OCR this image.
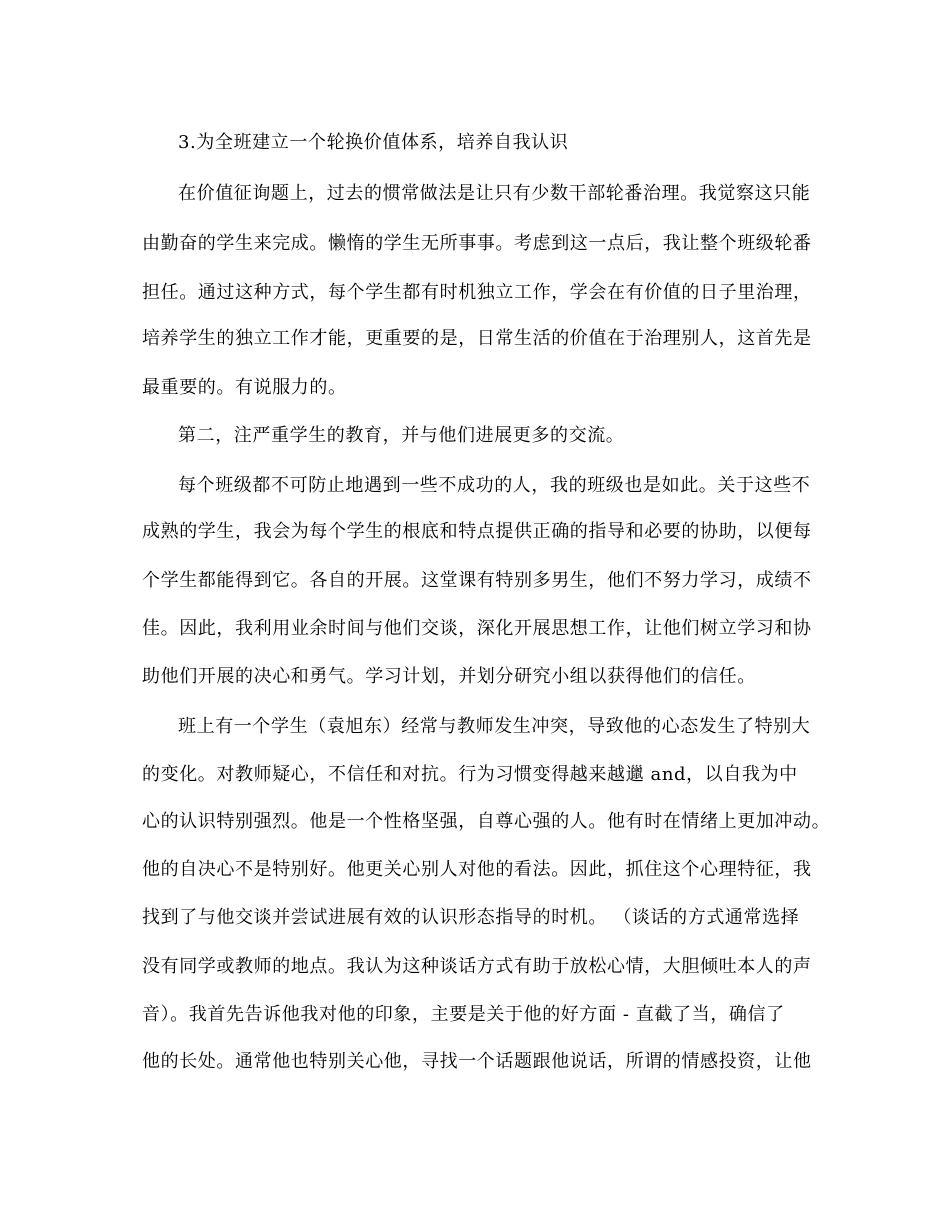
3.为全班建立一个轮换价值体系，培养自我认识
在价值征询题上，过去的惯常做法是让只有少数干部轮番治理。我觉察这只能
由勤奋的学生来完成。懒惰的学生无所事事。考虑到这一点后，我让整个班级轮番
担任。通过这种方式，每个学生都有时机独立工作，学会在有价值的日子里治理，
培养学生的独立工作才能，更重要的是，日常生活的价值在于治理别人，这首先是
最重要的。有说服力的。
第二，注严重学生的教育，并与他们进展更多的交流。
每个班级都不可防止地遇到一些不成功的人，我的班级也是如此。关于这些不
成熟的学生，我会为每个学生的根底和特点提供正确的指导和必要的协助，以便每
个学生都能得到它。各自的开展。这堂课有特别多男生，他们不努力学习，成绩不
佳。因此，我利用业余时间与他们交谈，深化开展思想工作，让他们树立学习和协
助他们开展的决心和勇气。学习计划，并划分研究小组以获得他们的信任。
班上有一个学生（袁旭东）经常与教师发生冲突，导致他的心态发生了特别大
的变化。对教师疑心，不信任和对抗。行为习惯变得越来越邋 and，以自我为中
心的认识特别强烈。他是一个性格坚强，自尊心强的人。他有时在情绪上更加冲动。
他的自决心不是特别好。他更关心别人对他的看法。因此，抓住这个心理特征，我
找到了与他交谈并尝试进展有效的认识形态指导的时机。 （谈话的方式通常选择
没有同学或教师的地点。我认为这种谈话方式有助于放松心情，大胆倾吐本人的声
音）。我首先告诉他我对他的印象，主要是关于他的好方面 - 直截了当，确信了
他的长处。通常他也特别关心他，寻找一个话题跟他说话，所谓的情感投资，让他
